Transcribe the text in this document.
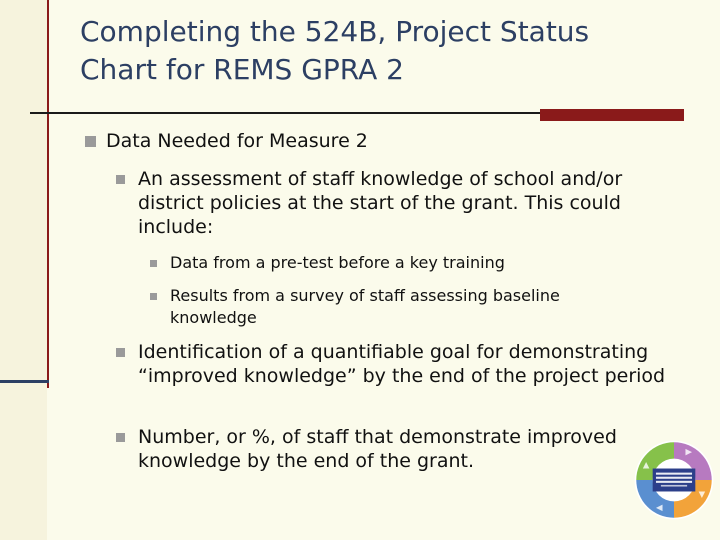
Completing the 524B, Project Status
Chart for REMS GPRA 2
Data Needed for Measure 2
An assessment of staff knowledge of school and/or district policies at the start of the grant. This could include:
Data from a pre-test before a key training
Results from a survey of staff assessing baseline knowledge
Identification of a quantifiable goal for demonstrating “improved knowledge” by the end of the project period
Number, or %, of staff that demonstrate improved knowledge by the end of the grant.
